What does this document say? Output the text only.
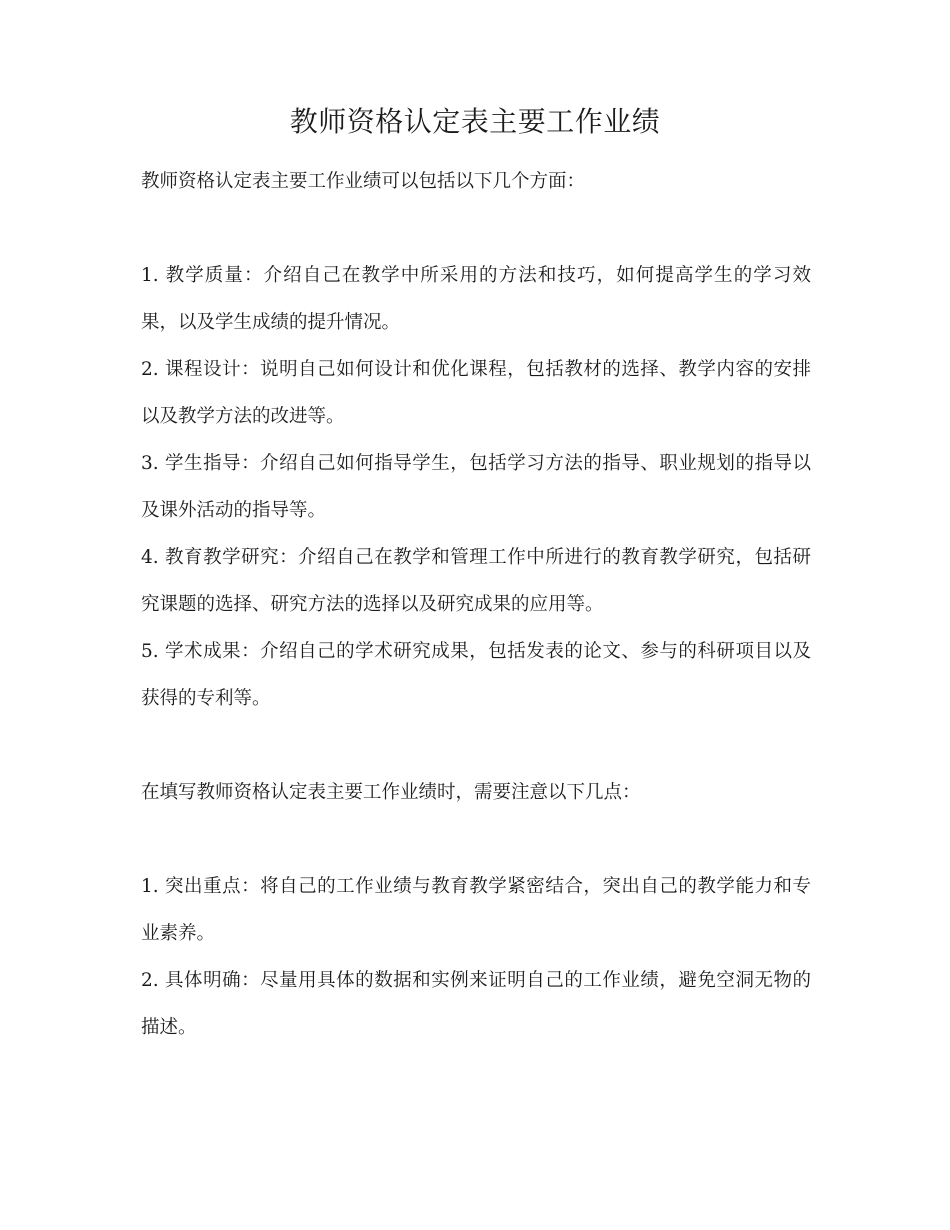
教师资格认定表主要工作业绩

教师资格认定表主要工作业绩可以包括以下几个方面：

1. 教学质量：介绍自己在教学中所采用的方法和技巧，如何提高学生的学习效果，以及学生成绩的提升情况。

2. 课程设计：说明自己如何设计和优化课程，包括教材的选择、教学内容的安排以及教学方法的改进等。

3. 学生指导：介绍自己如何指导学生，包括学习方法的指导、职业规划的指导以及课外活动的指导等。

4. 教育教学研究：介绍自己在教学和管理工作中所进行的教育教学研究，包括研究课题的选择、研究方法的选择以及研究成果的应用等。

5. 学术成果：介绍自己的学术研究成果，包括发表的论文、参与的科研项目以及获得的专利等。

在填写教师资格认定表主要工作业绩时，需要注意以下几点：

1. 突出重点：将自己的工作业绩与教育教学紧密结合，突出自己的教学能力和专业素养。

2. 具体明确：尽量用具体的数据和实例来证明自己的工作业绩，避免空洞无物的描述。
